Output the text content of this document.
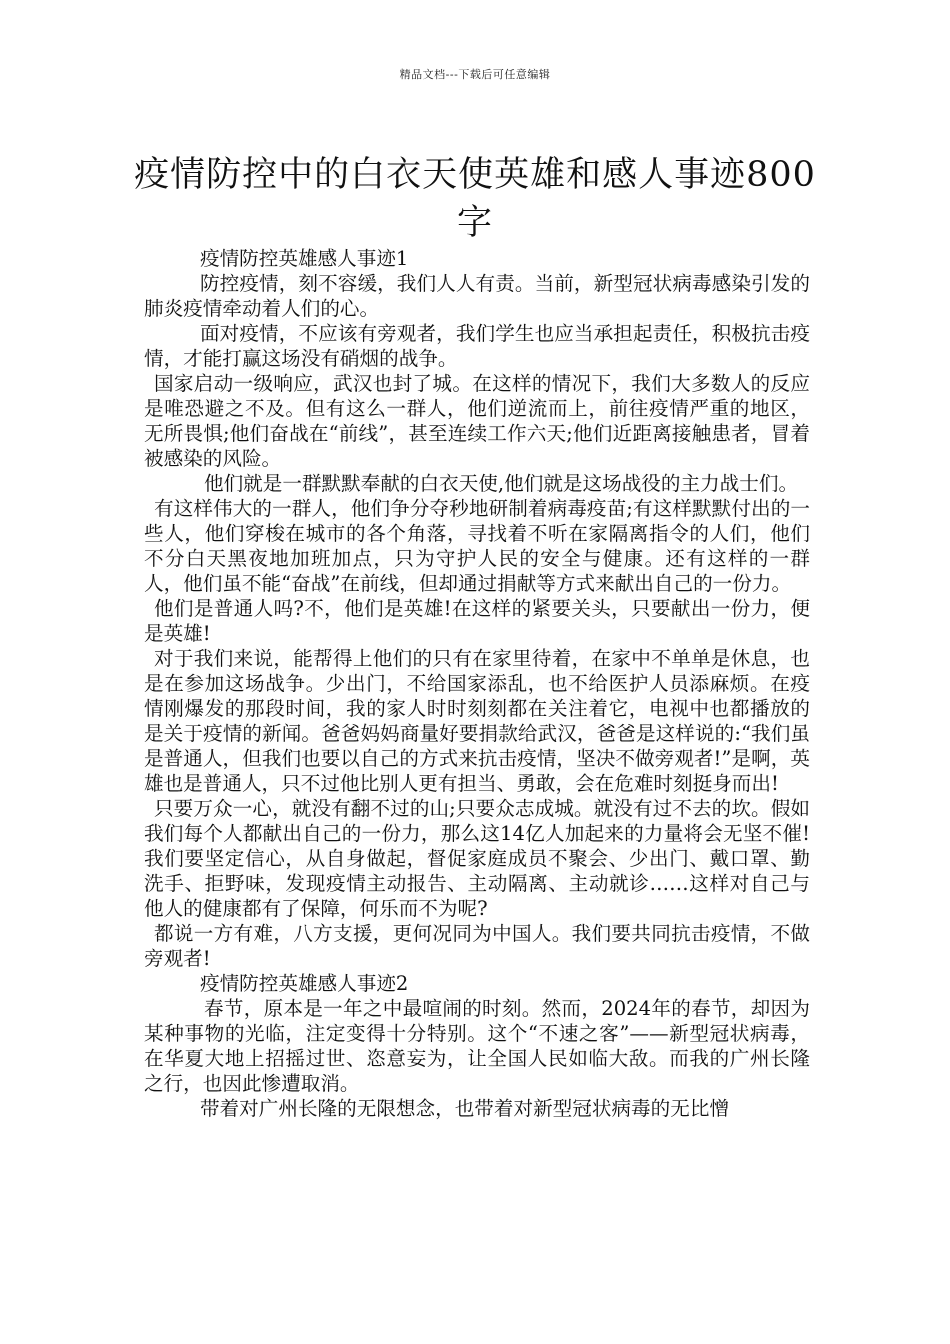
精品文档---下载后可任意编辑
疫情防控中的白衣天使英雄和感人事迹800字

疫情防控英雄感人事迹1

防控疫情，刻不容缓，我们人人有责。当前，新型冠状病毒感染引发的肺炎疫情牵动着人们的心。

面对疫情，不应该有旁观者，我们学生也应当承担起责任，积极抗击疫情，才能打赢这场没有硝烟的战争。

国家启动一级响应，武汉也封了城。在这样的情况下，我们大多数人的反应是唯恐避之不及。但有这么一群人，他们逆流而上，前往疫情严重的地区，无所畏惧;他们奋战在“前线”，甚至连续工作六天;他们近距离接触患者，冒着被感染的风险。

他们就是一群默默奉献的白衣天使,他们就是这场战役的主力战士们。

有这样伟大的一群人，他们争分夺秒地研制着病毒疫苗;有这样默默付出的一些人，他们穿梭在城市的各个角落，寻找着不听在家隔离指令的人们，他们不分白天黑夜地加班加点，只为守护人民的安全与健康。还有这样的一群人，他们虽不能“奋战”在前线，但却通过捐献等方式来献出自己的一份力。

他们是普通人吗?不，他们是英雄!在这样的紧要关头，只要献出一份力，便是英雄!

对于我们来说，能帮得上他们的只有在家里待着，在家中不单单是休息，也是在参加这场战争。少出门，不给国家添乱，也不给医护人员添麻烦。在疫情刚爆发的那段时间，我的家人时时刻刻都在关注着它，电视中也都播放的是关于疫情的新闻。爸爸妈妈商量好要捐款给武汉，爸爸是这样说的:“我们虽是普通人，但我们也要以自己的方式来抗击疫情，坚决不做旁观者!”是啊，英雄也是普通人，只不过他比别人更有担当、勇敢，会在危难时刻挺身而出!

只要万众一心，就没有翻不过的山;只要众志成城。就没有过不去的坎。假如我们每个人都献出自己的一份力，那么这14亿人加起来的力量将会无坚不催!我们要坚定信心，从自身做起，督促家庭成员不聚会、少出门、戴口罩、勤洗手、拒野味，发现疫情主动报告、主动隔离、主动就诊……这样对自己与他人的健康都有了保障，何乐而不为呢?

都说一方有难，八方支援，更何况同为中国人。我们要共同抗击疫情，不做旁观者!

疫情防控英雄感人事迹2

春节，原本是一年之中最喧闹的时刻。然而，2024年的春节，却因为某种事物的光临，注定变得十分特别。这个“不速之客”——新型冠状病毒，在华夏大地上招摇过世、恣意妄为，让全国人民如临大敌。而我的广州长隆之行，也因此惨遭取消。

带着对广州长隆的无限想念，也带着对新型冠状病毒的无比憎
